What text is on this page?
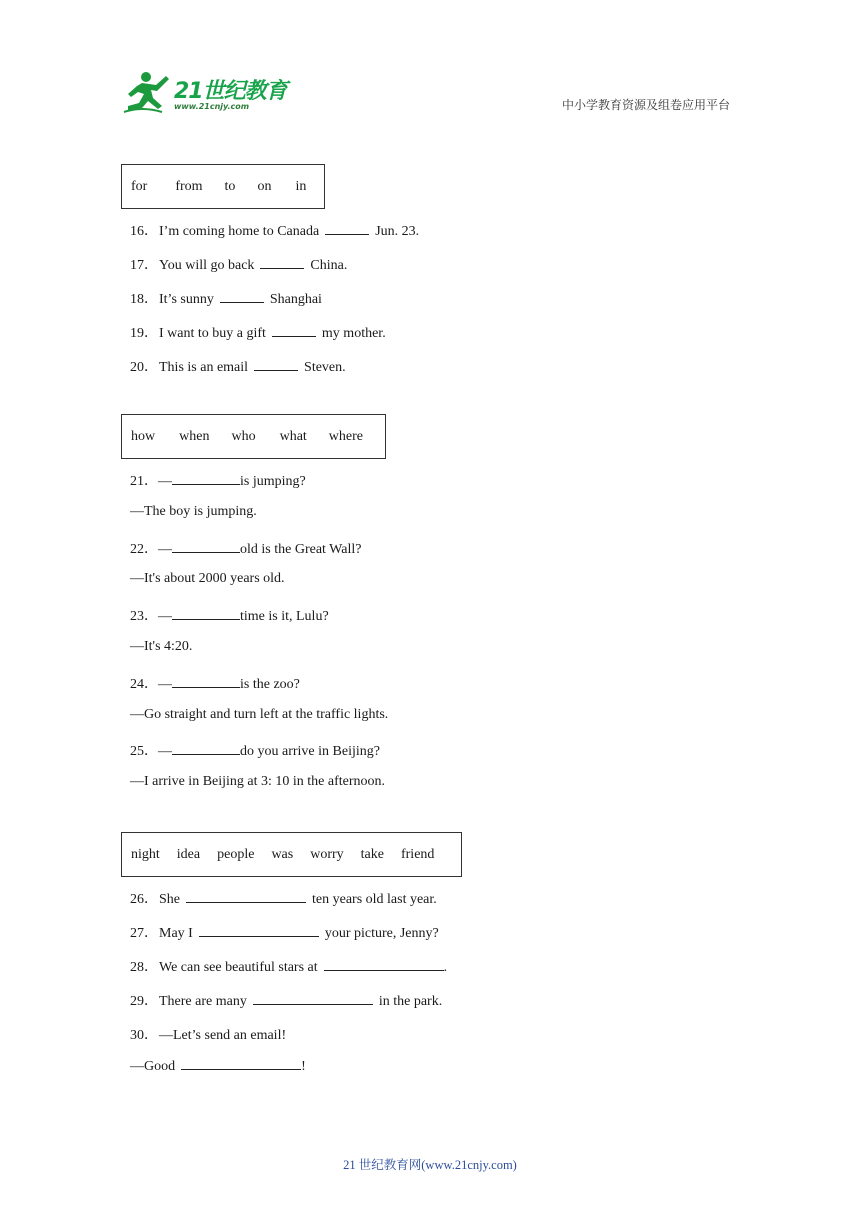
21世纪教育
www.21cnjy.com	中小学教育资源及组卷应用平台
for from to on in
16．I’m coming home to Canada	Jun. 23.
17．You will go back	China.
18．It’s sunny	Shanghai
19．I want to buy a gift	my mother.
20．This is an email	Steven.
how when who what where
21．—	is jumping?
—The boy is jumping.
22．—	old is the Great Wall?
—It's about 2000 years old.
23．—	time is it, Lulu?
—It's 4:20.
24．—	is the zoo?
—Go straight and turn left at the traffic lights.
25．—	do you arrive in Beijing?
—I arrive in Beijing at 3: 10 in the afternoon.
night idea people was worry take friend
26．She	ten years old last year.
27．May I	your picture, Jenny?
28．We can see beautiful stars at	.
29．There are many	in the park.
30．—Let’s send an email!
—Good	!
21 世纪教育网(www.21cnjy.com)
